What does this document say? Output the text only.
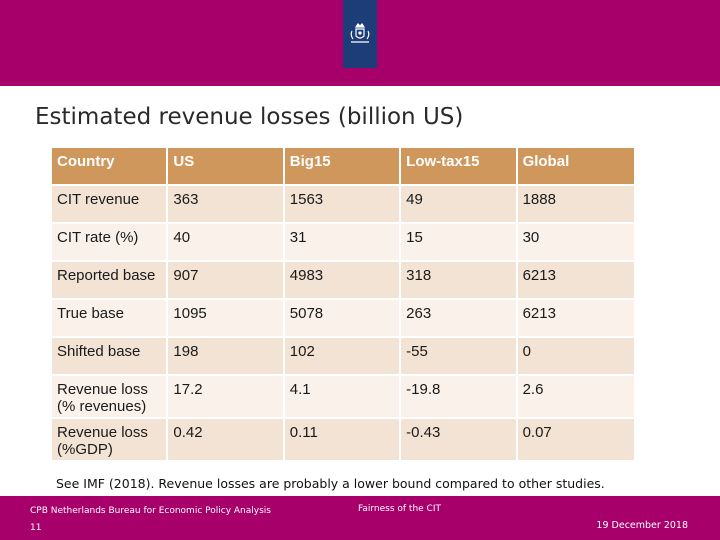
Estimated revenue losses (billion US)
Country	US	Big15	Low-tax15	Global
CIT revenue	363	1563	49	1888
CIT rate (%)	40	31	15	30
Reported base	907	4983	318	6213
True base	1095	5078	263	6213
Shifted base	198	102	-55	0
Revenue loss
(% revenues)	17.2	4.1	-19.8	2.6
Revenue loss
(%GDP)	0.42	0.11	-0.43	0.07
See IMF (2018). Revenue losses are probably a lower bound compared to other studies.
CPB Netherlands Bureau for Economic Policy Analysis
11
Fairness of the CIT
19 December 2018
